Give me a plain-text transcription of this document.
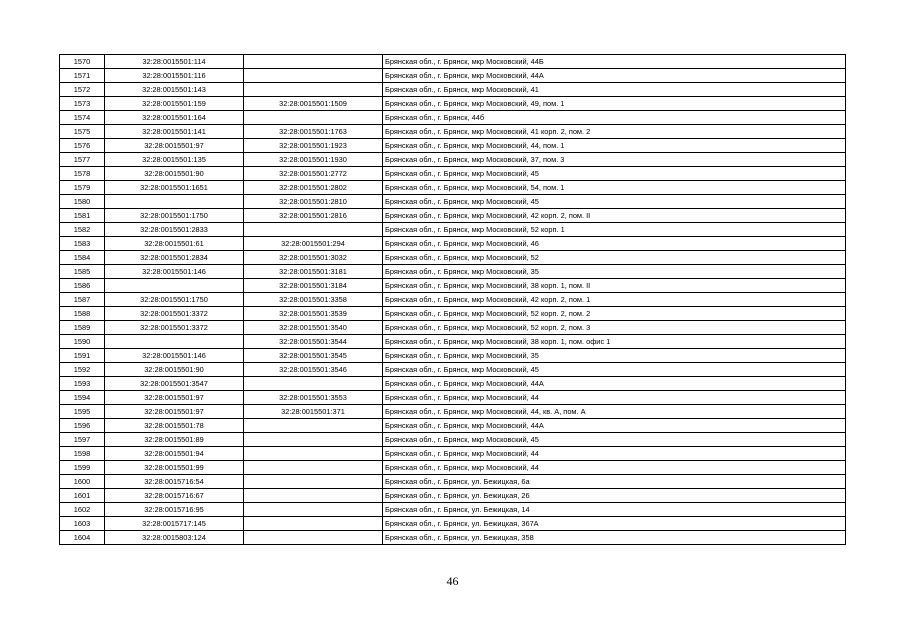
1570	32:28:0015501:114		Брянская обл., г. Брянск, мкр Московский, 44Б
1571	32:28:0015501:116		Брянская обл., г. Брянск, мкр Московский, 44А
1572	32:28:0015501:143		Брянская обл., г. Брянск, мкр Московский, 41
1573	32:28:0015501:159	32:28:0015501:1509	Брянская обл., г. Брянск, мкр Московский, 49, пом. 1
1574	32:28:0015501:164		Брянская обл., г. Брянск, 44б
1575	32:28:0015501:141	32:28:0015501:1763	Брянская обл., г. Брянск, мкр Московский, 41 корп. 2, пом. 2
1576	32:28:0015501:97	32:28:0015501:1923	Брянская обл., г. Брянск, мкр Московский, 44, пом. 1
1577	32:28:0015501:135	32:28:0015501:1930	Брянская обл., г. Брянск, мкр Московский, 37, пом. 3
1578	32:28:0015501:90	32:28:0015501:2772	Брянская обл., г. Брянск, мкр Московский, 45
1579	32:28:0015501:1651	32:28:0015501:2802	Брянская обл., г. Брянск, мкр Московский, 54, пом. 1
1580		32:28:0015501:2810	Брянская обл., г. Брянск, мкр Московский, 45
1581	32:28:0015501:1750	32:28:0015501:2816	Брянская обл., г. Брянск, мкр Московский, 42 корп. 2, пом. II
1582	32:28:0015501:2833		Брянская обл., г. Брянск, мкр Московский, 52 корп. 1
1583	32:28:0015501:61	32:28:0015501:294	Брянская обл., г. Брянск, мкр Московский, 46
1584	32:28:0015501:2834	32:28:0015501:3032	Брянская обл., г. Брянск, мкр Московский, 52
1585	32:28:0015501:146	32:28:0015501:3181	Брянская обл., г. Брянск, мкр Московский, 35
1586		32:28:0015501:3184	Брянская обл., г. Брянск, мкр Московский, 38 корп. 1, пом. II
1587	32:28:0015501:1750	32:28:0015501:3358	Брянская обл., г. Брянск, мкр Московский, 42 корп. 2, пом. 1
1588	32:28:0015501:3372	32:28:0015501:3539	Брянская обл., г. Брянск, мкр Московский, 52 корп. 2, пом. 2
1589	32:28:0015501:3372	32:28:0015501:3540	Брянская обл., г. Брянск, мкр Московский, 52 корп. 2, пом. 3
1590		32:28:0015501:3544	Брянская обл., г. Брянск, мкр Московский, 38 корп. 1, пом. офис 1
1591	32:28:0015501:146	32:28:0015501:3545	Брянская обл., г. Брянск, мкр Московский, 35
1592	32:28:0015501:90	32:28:0015501:3546	Брянская обл., г. Брянск, мкр Московский, 45
1593	32:28:0015501:3547		Брянская обл., г. Брянск, мкр Московский, 44А
1594	32:28:0015501:97	32:28:0015501:3553	Брянская обл., г. Брянск, мкр Московский, 44
1595	32:28:0015501:97	32:28:0015501:371	Брянская обл., г. Брянск, мкр Московский, 44, кв. А, пом. А
1596	32:28:0015501:78		Брянская обл., г. Брянск, мкр Московский, 44А
1597	32:28:0015501:89		Брянская обл., г. Брянск, мкр Московский, 45
1598	32:28:0015501:94		Брянская обл., г. Брянск, мкр Московский, 44
1599	32:28:0015501:99		Брянская обл., г. Брянск, мкр Московский, 44
1600	32:28:0015716:54		Брянская обл., г. Брянск, ул. Бежицкая, 6а
1601	32:28:0015716:67		Брянская обл., г. Брянск, ул. Бежицкая, 26
1602	32:28:0015716:95		Брянская обл., г. Брянск, ул. Бежицкая, 14
1603	32:28:0015717:145		Брянская обл., г. Брянск, ул. Бежицкая, 367А
1604	32:28:0015803:124		Брянская обл., г. Брянск, ул. Бежицкая, 358
46
